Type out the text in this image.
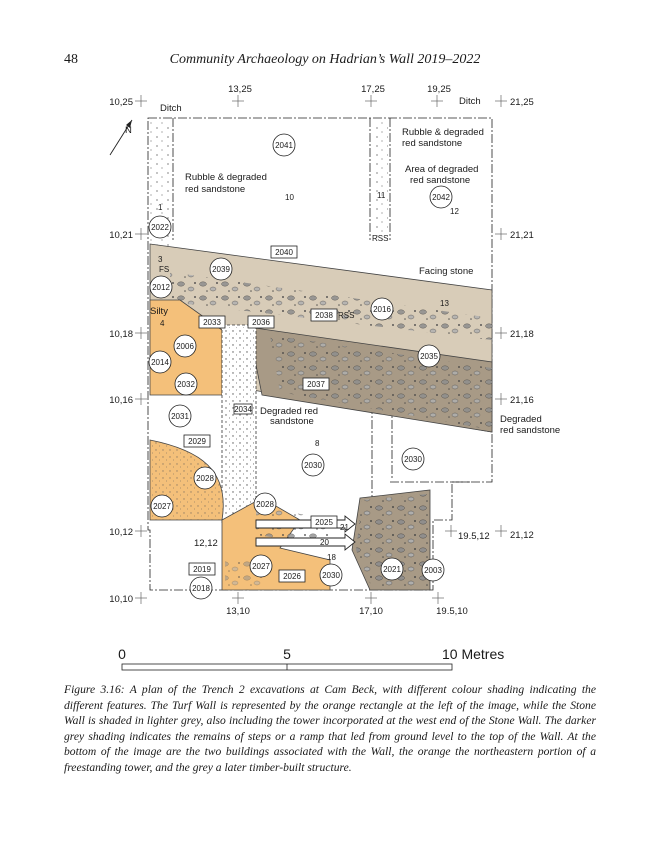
48	Community Archaeology on Hadrian’s Wall 2019–2022
13,25	17,25	19,25
10,25
10,21
10,18
10,16
10,12
10,10
21,25
21,21
21,18
21,16
21,12
13,10	17,10	19.5,10
12,12
19.5,12
N
Ditch
Ditch
Rubble & degraded
red sandstone
Rubble & degraded
red sandstone
Area of degraded
red sandstone
Facing stone
Degraded red
sandstone	Degraded
red sandstone
Silty
FS
RSS
RSS
1
3
4
8
10	11
12
13
18
20
21
2041
2042
2022
2039
2012
2016
2006
2014
2035
2032
2031
2030
2030
2028
2027	2028
2027
2030
2021	2003
2018
2040
2033	2036
2038
2037
2029
2025
2019
2026
2034
0	5	10 Metres
Figure 3.16: A plan of the Trench 2 excavations at Cam Beck, with different colour shading indicating the different features. The Turf Wall is represented by the orange rectangle at the left of the image, while the Stone Wall is shaded in lighter grey, also including the tower incorporated at the west end of the Stone Wall. The darker grey shading indicates the remains of steps or a ramp that led from ground level to the top of the Wall. At the bottom of the image are the two buildings associated with the Wall, the orange the northeastern portion of a freestanding tower, and the grey a later timber-built structure.
